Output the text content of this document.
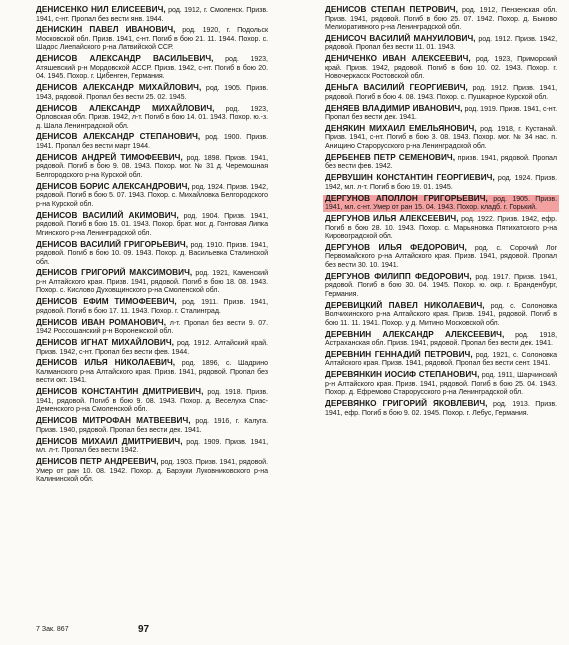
ДЕНИСЕНКО НИЛ ЕЛИСЕЕВИЧ, род. 1912, г. Смоленск. Призв. 1941, с-нт. Пропал без вести янв. 1944.
ДЕНИСКИН ПАВЕЛ ИВАНОВИЧ, род. 1920, г. Подольск Московской обл. Призв. 1941, с-нт. Погиб в бою 21. 11. 1944. Похор. с. Шадос Лиепайского р-на Латвийской ССР.
ДЕНИСОВ АЛЕКСАНДР ВАСИЛЬЕВИЧ, род. 1923, Атяшевский р-н Мордовской АССР. Призв. 1942, с-нт. Погиб в бою 20. 04. 1945. Похор. г. Цибенген, Германия.
ДЕНИСОВ АЛЕКСАНДР МИХАЙЛОВИЧ, род. 1905. Призв. 1943, рядовой. Пропал без вести 25. 02. 1945.
ДЕНИСОВ АЛЕКСАНДР МИХАЙЛОВИЧ, род. 1923, Орловская обл. Призв. 1942, л-т. Погиб в бою 14. 01. 1943. Похор. ю.-з. д. Шала Ленинградской обл.
ДЕНИСОВ АЛЕКСАНДР СТЕПАНОВИЧ, род. 1900. Призв. 1941. Пропал без вести март 1944.
ДЕНИСОВ АНДРЕЙ ТИМОФЕЕВИЧ, род. 1898. Призв. 1941, рядовой. Погиб в бою 9. 08. 1943. Похор. мог. № 31 д. Черемошная Белгородского р-на Курской обл.
ДЕНИСОВ БОРИС АЛЕКСАНДРОВИЧ, род. 1924. Призв. 1942, рядовой. Погиб в бою 5. 07. 1943. Похор. с. Михайловка Белгородского р-на Курской обл.
ДЕНИСОВ ВАСИЛИЙ АКИМОВИЧ, род. 1904. Призв. 1941, рядовой. Погиб в бою 15. 01. 1943. Похор. брат. мог. д. Гонтовая Липка Мгинского р-на Ленинградской обл.
ДЕНИСОВ ВАСИЛИЙ ГРИГОРЬЕВИЧ, род. 1910. Призв. 1941, рядовой. Погиб в бою 10. 09. 1943. Похор. д. Васильевка Сталинской обл.
ДЕНИСОВ ГРИГОРИЙ МАКСИМОВИЧ, род. 1921, Каменский р-н Алтайского края. Призв. 1941, рядовой. Погиб в бою 18. 08. 1943. Похор. с. Кислово Духовщинского р-на Смоленской обл.
ДЕНИСОВ ЕФИМ ТИМОФЕЕВИЧ, род. 1911. Призв. 1941, рядовой. Погиб в бою 17. 11. 1943. Похор. г. Сталинград.
ДЕНИСОВ ИВАН РОМАНОВИЧ, л-т. Пропал без вести 9. 07. 1942 Россошанский р-н Воронежской обл.
ДЕНИСОВ ИГНАТ МИХАЙЛОВИЧ, род. 1912. Алтайский край. Призв. 1942, с-нт. Пропал без вести фев. 1944.
ДЕНИСОВ ИЛЬЯ НИКОЛАЕВИЧ, род. 1896, с. Шадрино Калманского р-на Алтайского края. Призв. 1941, рядовой. Пропал без вести окт. 1941.
ДЕНИСОВ КОНСТАНТИН ДМИТРИЕВИЧ, род. 1918. Призв. 1941, рядовой. Погиб в бою 9. 08. 1943. Похор. д. Веселуха Спас-Деменского р-на Смоленской обл.
ДЕНИСОВ МИТРОФАН МАТВЕЕВИЧ, род. 1916, г. Калуга. Призв. 1940, рядовой. Пропал без вести дек. 1941.
ДЕНИСОВ МИХАИЛ ДМИТРИЕВИЧ, род. 1909. Призв. 1941, мл. л-т. Пропал без вести 1942.
ДЕНИСОВ ПЕТР АНДРЕЕВИЧ, род. 1903. Призв. 1941, рядовой. Умер от ран 10. 08. 1942. Похор. д. Барзуки Луковниковского р-на Калининской обл.
ДЕНИСОВ СТЕПАН ПЕТРОВИЧ, род. 1912, Пензенская обл. Призв. 1941, рядовой. Погиб в бою 25. 07. 1942. Похор. д. Быково Мелиоративного р-на Ленинградской обл.
ДЕНИСОЧ ВАСИЛИЙ МАНУИЛОВИЧ, род. 1912. Призв. 1942, рядовой. Пропал без вести 11. 01. 1943.
ДЕНИЧЕНКО ИВАН АЛЕКСЕЕВИЧ, род. 1923, Приморский край. Призв. 1942, рядовой. Погиб в бою 10. 02. 1943. Похор. г. Новочеркасск Ростовской обл.
ДЕНЬГА ВАСИЛИЙ ГЕОРГИЕВИЧ, род. 1912. Призв. 1941, рядовой. Погиб в бою 4. 08. 1943. Похор. с. Пушкарное Курской обл.
ДЕНЯЕВ ВЛАДИМИР ИВАНОВИЧ, род. 1919. Призв. 1941, с-нт. Пропал без вести дек. 1941.
ДЕНЯКИН МИХАИЛ ЕМЕЛЬЯНОВИЧ, род. 1918, г. Кустанай. Призв. 1941, с-нт. Погиб в бою 3. 08. 1943. Похор. мог. № 34 нас. п. Анищино Старорусского р-на Ленинградской обл.
ДЕРБЕНЕВ ПЕТР СЕМЕНОВИЧ, призв. 1941, рядовой. Пропал без вести фев. 1942.
ДЕРВУШИН КОНСТАНТИН ГЕОРГИЕВИЧ, род. 1924. Призв. 1942, мл. л-т. Погиб в бою 19. 01. 1945.
ДЕРГУНОВ АПОЛЛОН ГРИГОРЬЕВИЧ, род. 1905. Призв. 1941, мл. с-нт. Умер от ран 15. 04. 1943. Похор. кладб. г. Горький.
ДЕРГУНОВ ИЛЬЯ АЛЕКСЕЕВИЧ, род. 1922. Призв. 1942, ефр. Погиб в бою 28. 10. 1943. Похор. с. Марьяновка Пятихатского р-на Кировоградской обл.
ДЕРГУНОВ ИЛЬЯ ФЕДОРОВИЧ, род. с. Сорочий Лог Первомайского р-на Алтайского края. Призв. 1941, рядовой. Пропал без вести 30. 10. 1941.
ДЕРГУНОВ ФИЛИПП ФЕДОРОВИЧ, род. 1917. Призв. 1941, рядовой. Погиб в бою 30. 04. 1945. Похор. ю. окр. г. Бранденбург, Германия.
ДЕРЕВИЦКИЙ ПАВЕЛ НИКОЛАЕВИЧ, род. с. Солоновка Волчихинского р-на Алтайского края. Призв. 1941, рядовой. Погиб в бою 11. 11. 1941. Похор. у д. Митино Московской обл.
ДЕРЕВНИН АЛЕКСАНДР АЛЕКСЕЕВИЧ, род. 1918, Астраханская обл. Призв. 1941, рядовой. Пропал без вести дек. 1941.
ДЕРЕВНИН ГЕННАДИЙ ПЕТРОВИЧ, род. 1921, с. Солоновка Алтайского края. Призв. 1941, рядовой. Пропал без вести сент. 1941.
ДЕРЕВЯНКИН ИОСИФ СТЕПАНОВИЧ, род. 1911, Шарчинский р-н Алтайского края. Призв. 1941, рядовой. Погиб в бою 25. 04. 1943. Похор. д. Ефремово Старорусского р-на Ленинградской обл.
ДЕРЕВЯНКО ГРИГОРИЙ ЯКОВЛЕВИЧ, род. 1913. Призв. 1941, ефр. Погиб в бою 9. 02. 1945. Похор. г. Лебус, Германия.
7 Зак. 867	97
